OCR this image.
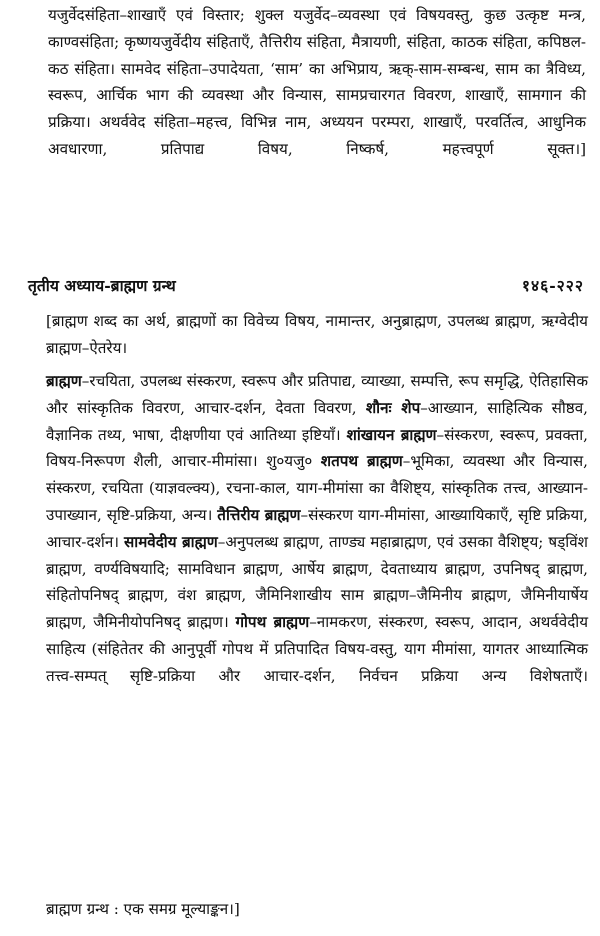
यजुर्वेदसंहिता–शाखाएँ एवं विस्तार; शुक्ल यजुर्वेद–व्यवस्था एवं विषयवस्तु, कुछ उत्कृष्ट मन्त्र, काण्वसंहिता; कृष्णयजुर्वेदीय संहिताएँ, तैत्तिरीय संहिता, मैत्रायणी, संहिता, काठक संहिता, कपिष्ठल-कठ संहिता। सामवेद संहिता–उपादेयता, ‘साम’ का अभिप्राय, ऋक्-साम-सम्बन्ध, साम का त्रैविध्य, स्वरूप, आर्चिक भाग की व्यवस्था और विन्यास, सामप्रचारगत विवरण, शाखाएँ, सामगान की प्रक्रिया। अथर्ववेद संहिता–महत्त्व, विभिन्न नाम, अध्ययन परम्परा, शाखाएँ, परवर्तित्व, आधुनिक अवधारणा, प्रतिपाद्य विषय, निष्कर्ष, महत्त्वपूर्ण सूक्त।]
तृतीय अध्याय-ब्राह्मण ग्रन्थ	१४६-२२२
[ब्राह्मण शब्द का अर्थ, ब्राह्मणों का विवेच्य विषय, नामान्तर, अनुब्राह्मण, उपलब्ध ब्राह्मण, ऋग्वेदीय ब्राह्मण–ऐतरेय।
ब्राह्मण–रचयिता, उपलब्ध संस्करण, स्वरूप और प्रतिपाद्य, व्याख्या, सम्पत्ति, रूप समृद्धि, ऐतिहासिक और सांस्कृतिक विवरण, आचार-दर्शन, देवता विवरण, शौनः शेप–आख्यान, साहित्यिक सौष्ठव, वैज्ञानिक तथ्य, भाषा, दीक्षणीया एवं आतिथ्या इष्टियाँ। शांखायन ब्राह्मण–संस्करण, स्वरूप, प्रवक्ता, विषय-निरूपण शैली, आचार-मीमांसा। शु०यजु० शतपथ ब्राह्मण–भूमिका, व्यवस्था और विन्यास, संस्करण, रचयिता (याज्ञवल्क्य), रचना-काल, याग-मीमांसा का वैशिष्ट्य, सांस्कृतिक तत्त्व, आख्यान-उपाख्यान, सृष्टि-प्रक्रिया, अन्य। तैत्तिरीय ब्राह्मण–संस्करण याग-मीमांसा, आख्यायिकाएँ, सृष्टि प्रक्रिया, आचार-दर्शन। सामवेदीय ब्राह्मण–अनुपलब्ध ब्राह्मण, ताण्ड्य महाब्राह्मण, एवं उसका वैशिष्ट्य; षड्विंश ब्राह्मण, वर्ण्यविषयादि; सामविधान ब्राह्मण, आर्षेय ब्राह्मण, देवताध्याय ब्राह्मण, उपनिषद् ब्राह्मण, संहितोपनिषद् ब्राह्मण, वंश ब्राह्मण, जैमिनिशाखीय साम ब्राह्मण–जैमिनीय ब्राह्मण, जैमिनीयार्षेय ब्राह्मण, जैमिनीयोपनिषद् ब्राह्मण। गोपथ ब्राह्मण–नामकरण, संस्करण, स्वरूप, आदान, अथर्ववेदीय साहित्य (संहितेतर की आनुपूर्वी गोपथ में प्रतिपादित विषय-वस्तु, याग मीमांसा, यागतर आध्यात्मिक तत्त्व-सम्पत् सृष्टि-प्रक्रिया और आचार-दर्शन, निर्वचन प्रक्रिया अन्य विशेषताएँ।
ब्राह्मण ग्रन्थ : एक समग्र मूल्याङ्कन।]
